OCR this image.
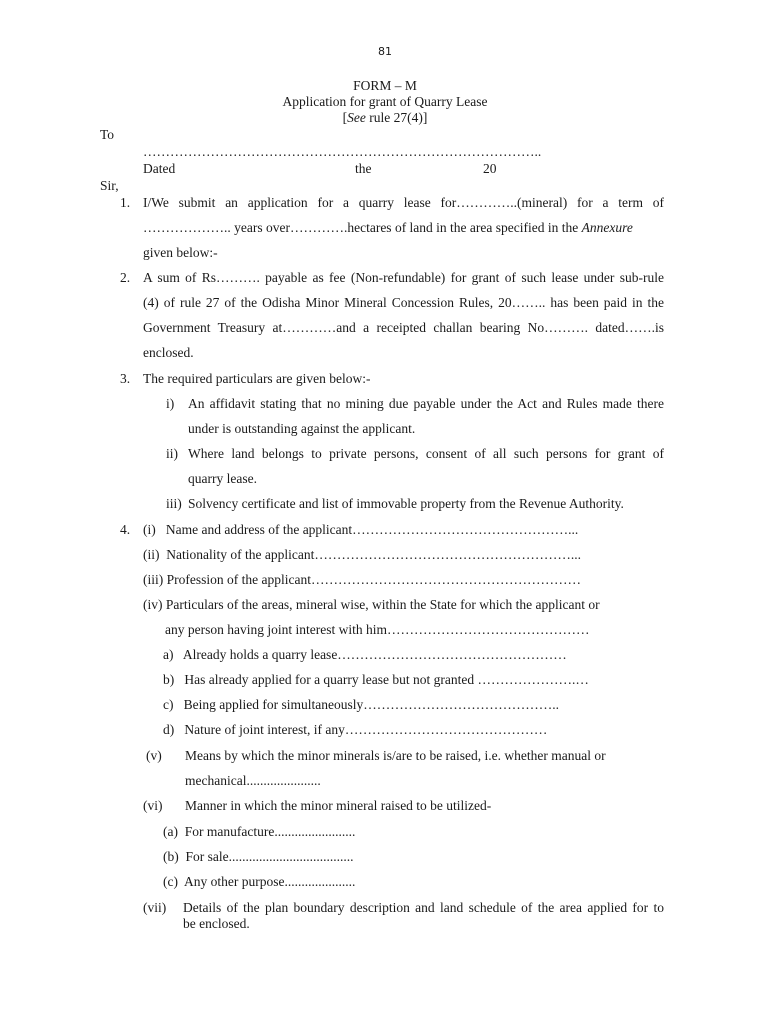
81
FORM – M
Application for grant of Quarry Lease
[See rule 27(4)]
To
……………………………………………………………………………..
Dated	the	20
Sir,
1. I/We submit an application for a quarry lease for…………..(mineral) for a term of
……………….. years over………….hectares of land in the area specified in the Annexure
given below:-
2. A sum of Rs………. payable as fee (Non-refundable) for grant of such lease under sub-rule
(4) of rule 27 of the Odisha Minor Mineral Concession Rules, 20…….. has been paid in the
Government Treasury at…………and a receipted challan bearing No………. dated…….is
enclosed.
3. The required particulars are given below:-
i) An affidavit stating that no mining due payable under the Act and Rules made there
under is outstanding against the applicant.
ii) Where land belongs to private persons, consent of all such persons for grant of
quarry lease.
iii) Solvency certificate and list of immovable property from the Revenue Authority.
4. (i)   Name and address of the applicant…………………………………………...
(ii)  Nationality of the applicant…………………………………………………...
(iii) Profession of the applicant……………………………………………………
(iv) Particulars of the areas, mineral wise, within the State for which the applicant or
any person having joint interest with him………………………………………
a)   Already holds a quarry lease……………………………………………
b)   Has already applied for a quarry lease but not granted ………………….…
c)   Being applied for simultaneously……………………………………..
d)   Nature of joint interest, if any………………………………………
(v) Means by which the minor minerals is/are to be raised, i.e. whether manual or
mechanical......................
(vi) Manner in which the minor mineral raised to be utilized-
(a)  For manufacture........................
(b)  For sale.....................................
(c)  Any other purpose.....................
(vii) Details of the plan boundary description and land schedule of the area applied for to
be enclosed.
